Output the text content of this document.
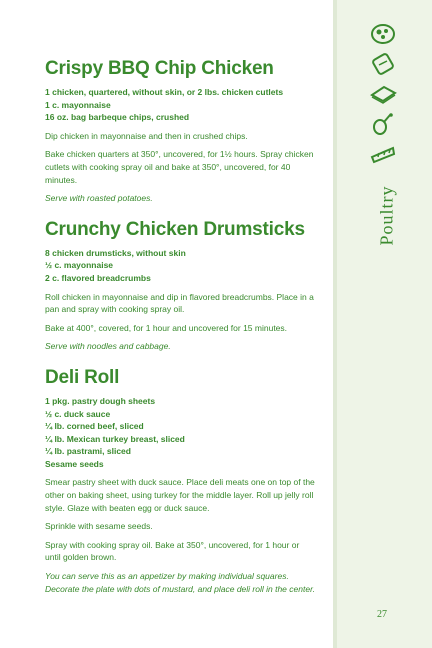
Poultry
Crispy BBQ Chip Chicken
1 chicken, quartered, without skin, or 2 lbs. chicken cutlets
1 c. mayonnaise
16 oz. bag barbeque chips, crushed

Dip chicken in mayonnaise and then in crushed chips.

Bake chicken quarters at 350°, uncovered, for 1½ hours. Spray chicken cutlets with cooking spray oil and bake at 350°, uncovered, for 40 minutes.

Serve with roasted potatoes.

Crunchy Chicken Drumsticks
8 chicken drumsticks, without skin
½ c. mayonnaise
2 c. flavored breadcrumbs

Roll chicken in mayonnaise and dip in flavored breadcrumbs. Place in a pan and spray with cooking spray oil.

Bake at 400°, covered, for 1 hour and uncovered for 15 minutes.

Serve with noodles and cabbage.

Deli Roll
1 pkg. pastry dough sheets
½ c. duck sauce
¼ lb. corned beef, sliced
¼ lb. Mexican turkey breast, sliced
¼ lb. pastrami, sliced
Sesame seeds

Smear pastry sheet with duck sauce. Place deli meats one on top of the other on baking sheet, using turkey for the middle layer. Roll up jelly roll style. Glaze with beaten egg or duck sauce.

Sprinkle with sesame seeds.

Spray with cooking spray oil. Bake at 350°, uncovered, for 1 hour or until golden brown.

You can serve this as an appetizer by making individual squares. Decorate the plate with dots of mustard, and place deli roll in the center.

27
